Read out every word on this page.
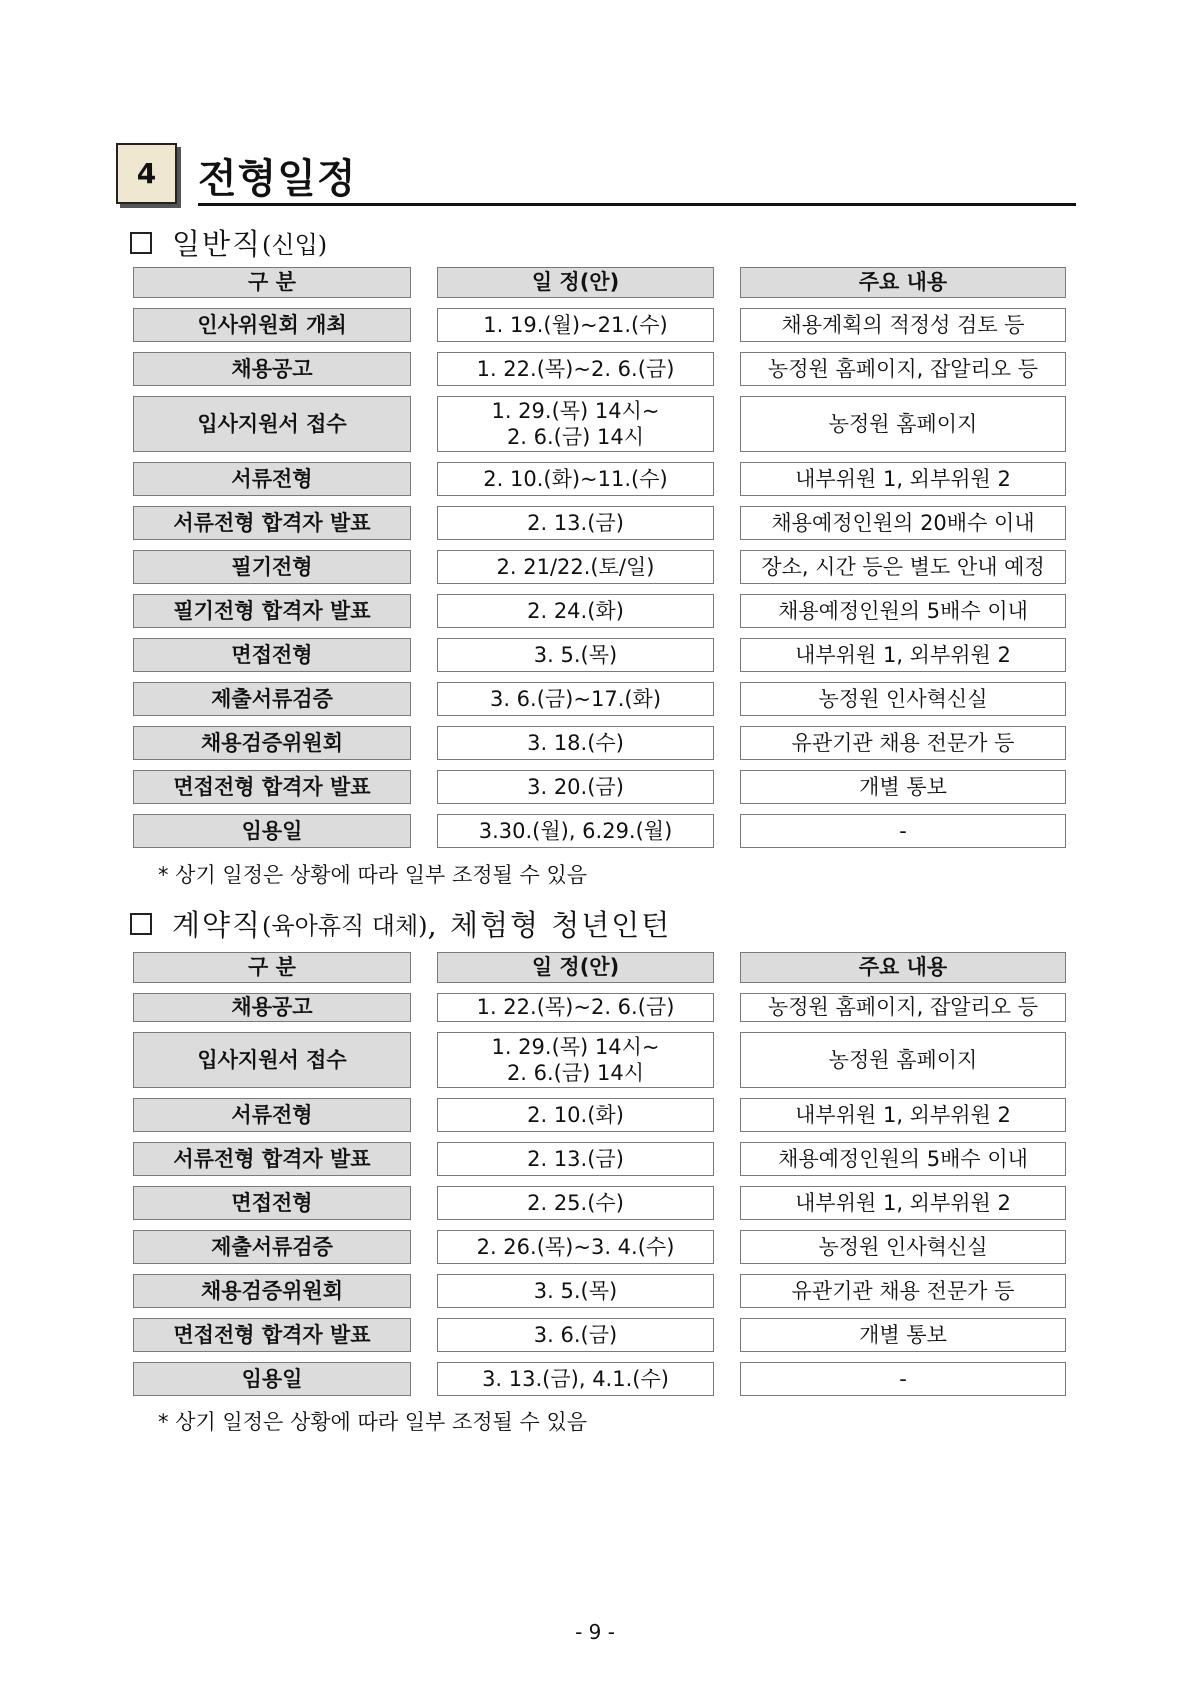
4	전형일정
일반직 (신입)
구 분		일 정(안)		주요 내용

인사위원회 개최		1. 19.(월)~21.(수)		채용계획의 적정성 검토 등

채용공고		1. 22.(목)~2. 6.(금)		농정원 홈페이지, 잡알리오 등

입사지원서 접수		1. 29.(목) 14시~
2. 6.(금) 14시		농정원 홈페이지

서류전형		2. 10.(화)~11.(수)		내부위원 1, 외부위원 2

서류전형 합격자 발표		2. 13.(금)		채용예정인원의 20배수 이내

필기전형		2. 21/22.(토/일)		장소, 시간 등은 별도 안내 예정

필기전형 합격자 발표		2. 24.(화)		채용예정인원의 5배수 이내

면접전형		3. 5.(목)		내부위원 1, 외부위원 2

제출서류검증		3. 6.(금)~17.(화)		농정원 인사혁신실

채용검증위원회		3. 18.(수)		유관기관 채용 전문가 등

면접전형 합격자 발표		3. 20.(금)		개별 통보

임용일		3.30.(월), 6.29.(월)		-
* 상기 일정은 상황에 따라 일부 조정될 수 있음
계약직 (육아휴직 대체) , 체험형 청년인턴
구 분		일 정(안)		주요 내용

채용공고		1. 22.(목)~2. 6.(금)		농정원 홈페이지, 잡알리오 등

입사지원서 접수		1. 29.(목) 14시~
2. 6.(금) 14시		농정원 홈페이지

서류전형		2. 10.(화)		내부위원 1, 외부위원 2

서류전형 합격자 발표		2. 13.(금)		채용예정인원의 5배수 이내

면접전형		2. 25.(수)		내부위원 1, 외부위원 2

제출서류검증		2. 26.(목)~3. 4.(수)		농정원 인사혁신실

채용검증위원회		3. 5.(목)		유관기관 채용 전문가 등

면접전형 합격자 발표		3. 6.(금)		개별 통보

임용일		3. 13.(금), 4.1.(수)		-
* 상기 일정은 상황에 따라 일부 조정될 수 있음
- 9 -
